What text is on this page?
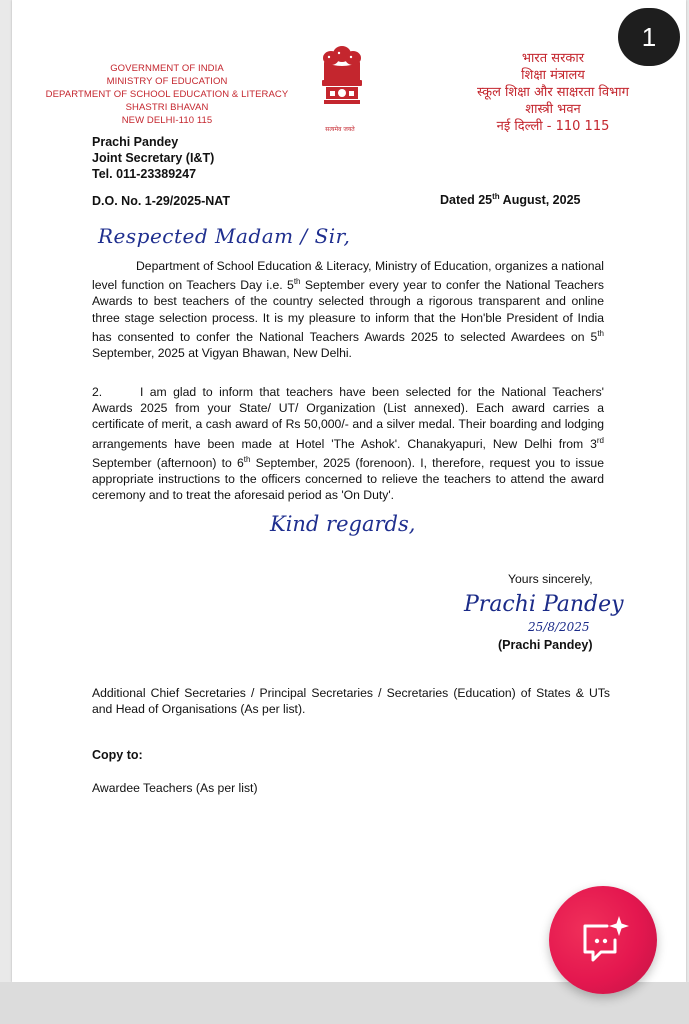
GOVERNMENT OF INDIA
MINISTRY OF EDUCATION
DEPARTMENT OF SCHOOL EDUCATION & LITERACY
SHASTRI BHAVAN
NEW DELHI-110 115
सत्यमेव जयते
भारत सरकार
शिक्षा मंत्रालय
स्कूल शिक्षा और साक्षरता विभाग
शास्त्री भवन
नई दिल्ली - 110 115
Prachi Pandey
Joint Secretary (I&T)
Tel. 011-23389247
D.O. No. 1-29/2025-NAT	Dated 25th August, 2025
Respected Madam / Sir,
Department of School Education & Literacy, Ministry of Education, organizes a national level function on Teachers Day i.e. 5th September every year to confer the National Teachers Awards to best teachers of the country selected through a rigorous transparent and online three stage selection process. It is my pleasure to inform that the Hon'ble President of India has consented to confer the National Teachers Awards 2025 to selected Awardees on 5th September, 2025 at Vigyan Bhawan, New Delhi.
2.	I am glad to inform that teachers have been selected for the National Teachers' Awards 2025 from your State/ UT/ Organization (List annexed). Each award carries a certificate of merit, a cash award of Rs 50,000/- and a silver medal. Their boarding and lodging arrangements have been made at Hotel 'The Ashok'. Chanakyapuri, New Delhi from 3rd September (afternoon) to 6th September, 2025 (forenoon). I, therefore, request you to issue appropriate instructions to the officers concerned to relieve the teachers to attend the award ceremony and to treat the aforesaid period as 'On Duty'.
Kind regards,
Yours sincerely,
Prachi Pandey
25/8/2025
(Prachi Pandey)
Additional Chief Secretaries / Principal Secretaries / Secretaries (Education) of States & UTs and Head of Organisations (As per list).
Copy to:
Awardee Teachers (As per list)
1
